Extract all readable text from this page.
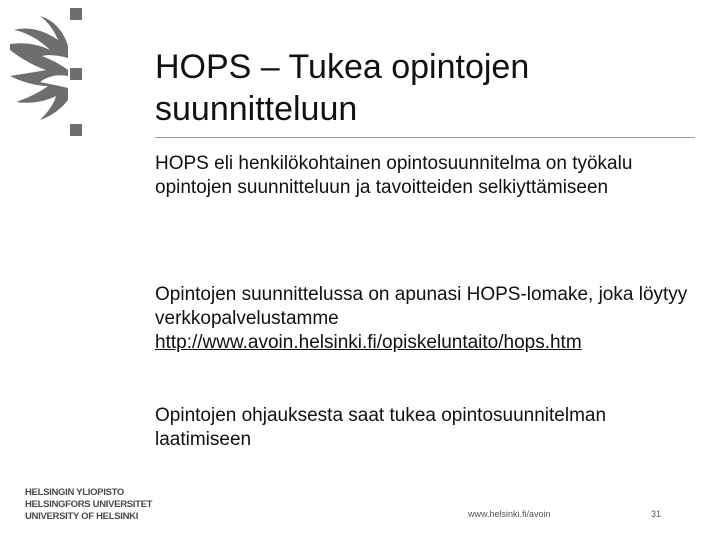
HOPS – Tukea opintojen suunnitteluun

HOPS eli henkilökohtainen opintosuunnitelma on työkalu opintojen suunnitteluun ja tavoitteiden selkiyttämiseen

Opintojen suunnittelussa on apunasi HOPS-lomake, joka löytyy verkkopalvelustamme http://www.avoin.helsinki.fi/opiskeluntaito/hops.htm

Opintojen ohjauksesta saat tukea opintosuunnitelman laatimiseen

HELSINGIN YLIOPISTO
HELSINGFORS UNIVERSITET
UNIVERSITY OF HELSINKI	www.helsinki.fi/avoin	31
